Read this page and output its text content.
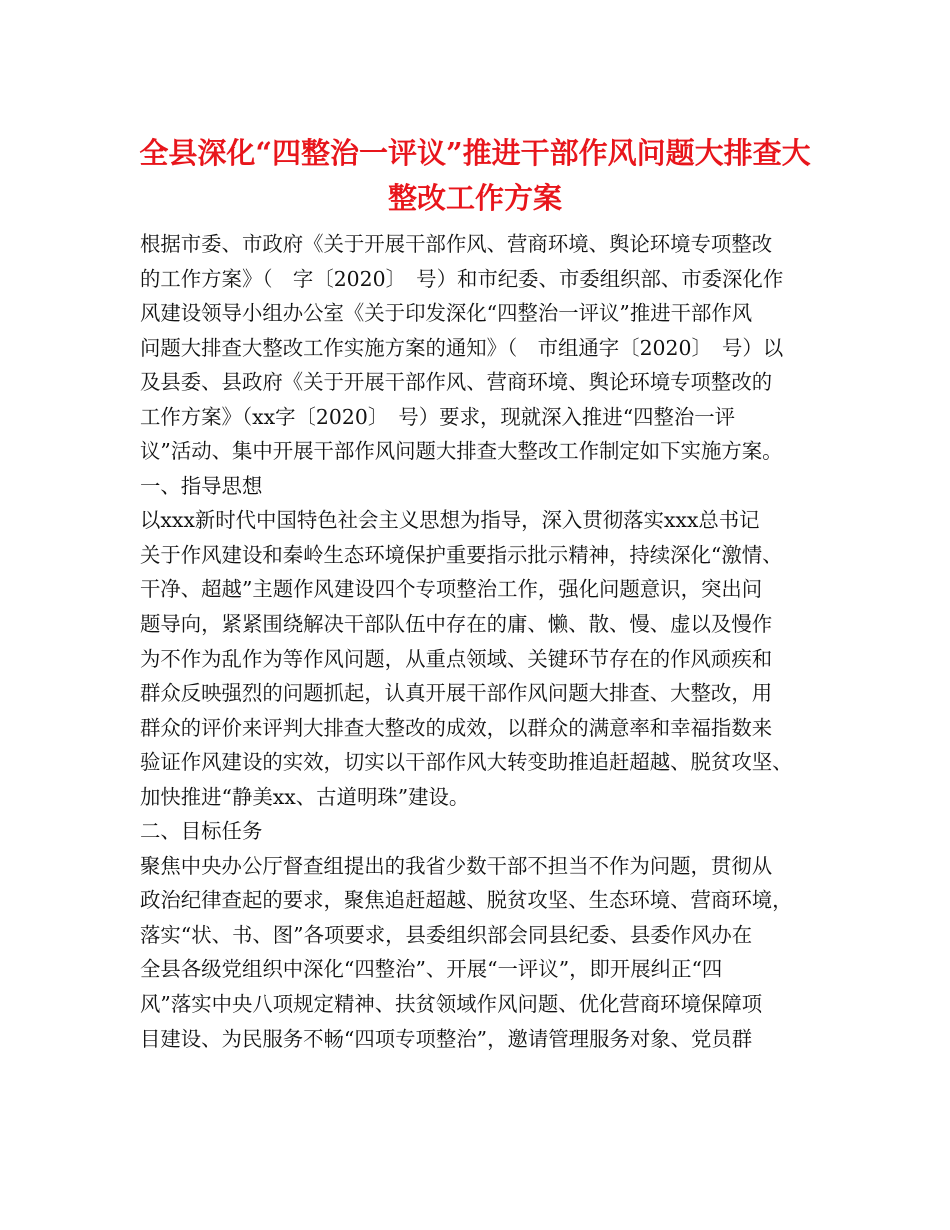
全县深化“四整治一评议”推进干部作风问题大排查大
整改工作方案
根据市委、市政府《关于开展干部作风、营商环境、舆论环境专项整改
的工作方案》（　字〔2020〕　号）和市纪委、市委组织部、市委深化作
风建设领导小组办公室《关于印发深化“四整治一评议”推进干部作风
问题大排查大整改工作实施方案的通知》（　市组通字〔2020〕　号）以
及县委、县政府《关于开展干部作风、营商环境、舆论环境专项整改的
工作方案》（xx字〔2020〕　号）要求，现就深入推进“四整治一评
议”活动、集中开展干部作风问题大排查大整改工作制定如下实施方案。
一、指导思想
以xxx新时代中国特色社会主义思想为指导，深入贯彻落实xxx总书记
关于作风建设和秦岭生态环境保护重要指示批示精神，持续深化“激情、
干净、超越”主题作风建设四个专项整治工作，强化问题意识，突出问
题导向，紧紧围绕解决干部队伍中存在的庸、懒、散、慢、虚以及慢作
为不作为乱作为等作风问题，从重点领域、关键环节存在的作风顽疾和
群众反映强烈的问题抓起，认真开展干部作风问题大排查、大整改，用
群众的评价来评判大排查大整改的成效，以群众的满意率和幸福指数来
验证作风建设的实效，切实以干部作风大转变助推追赶超越、脱贫攻坚、
加快推进“静美xx、古道明珠”建设。
二、目标任务
聚焦中央办公厅督查组提出的我省少数干部不担当不作为问题，贯彻从
政治纪律查起的要求，聚焦追赶超越、脱贫攻坚、生态环境、营商环境，
落实“状、书、图”各项要求，县委组织部会同县纪委、县委作风办在
全县各级党组织中深化“四整治”、开展“一评议”，即开展纠正“四
风”落实中央八项规定精神、扶贫领域作风问题、优化营商环境保障项
目建设、为民服务不畅“四项专项整治”，邀请管理服务对象、党员群
